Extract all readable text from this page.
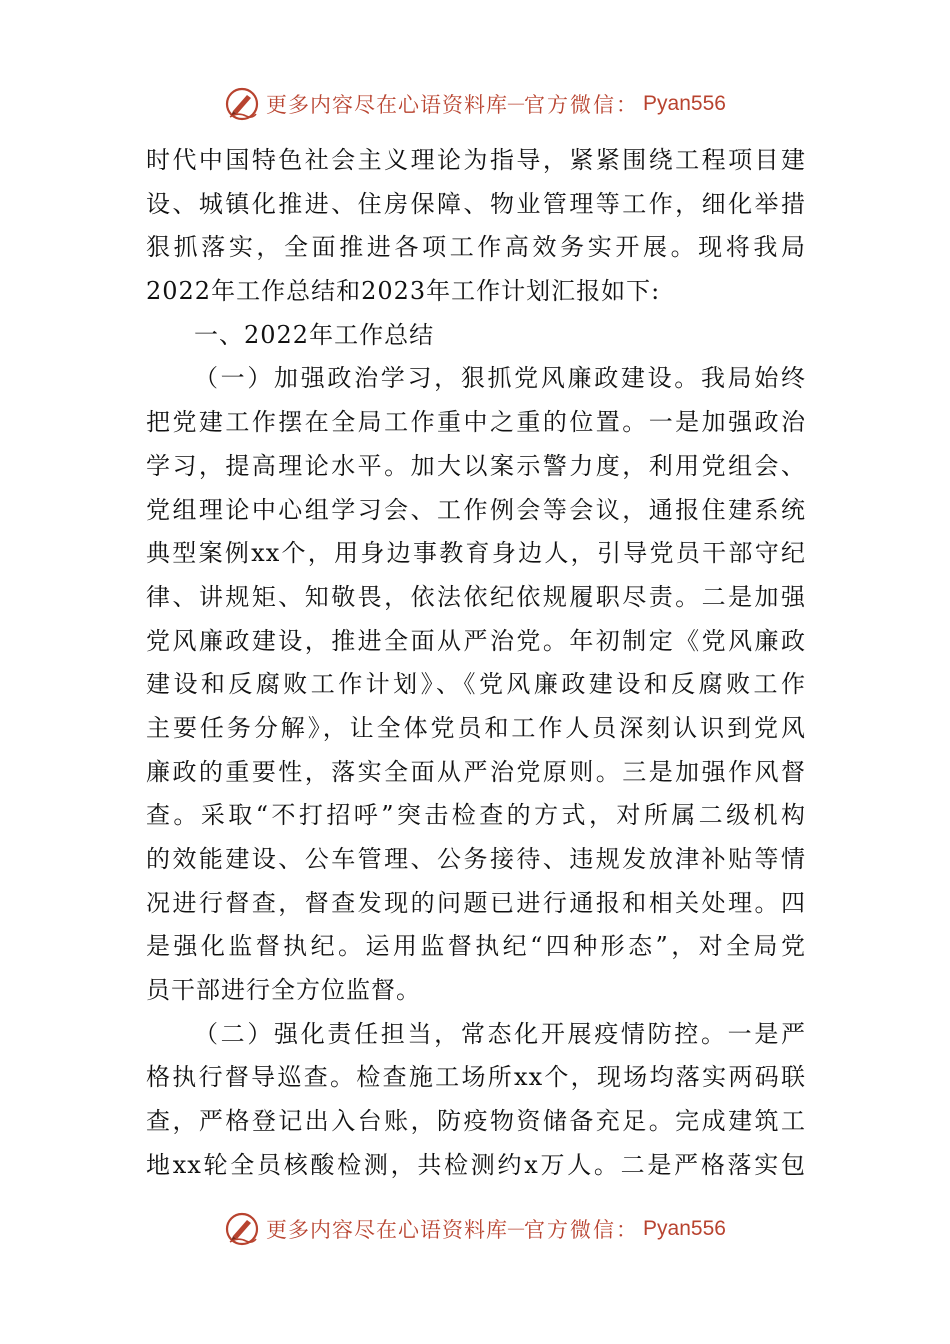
更多内容尽在心语资料库 — 官方微信： Pyan556
时代中国特色社会主义理论为指导，紧紧围绕工程项目建
设、城镇化推进、住房保障、物业管理等工作，细化举措
狠抓落实，全面推进各项工作高效务实开展。现将我局
2022年工作总结和2023年工作计划汇报如下:
一、2022年工作总结
（一）加强政治学习，狠抓党风廉政建设。我局始终
把党建工作摆在全局工作重中之重的位置。一是加强政治
学习，提高理论水平。加大以案示警力度，利用党组会、
党组理论中心组学习会、工作例会等会议，通报住建系统
典型案例xx个，用身边事教育身边人，引导党员干部守纪
律、讲规矩、知敬畏，依法依纪依规履职尽责。二是加强
党风廉政建设，推进全面从严治党。年初制定《党风廉政
建设和反腐败工作计划》、《党风廉政建设和反腐败工作
主要任务分解》，让全体党员和工作人员深刻认识到党风
廉政的重要性，落实全面从严治党原则。三是加强作风督
查。采取“不打招呼”突击检查的方式，对所属二级机构
的效能建设、公车管理、公务接待、违规发放津补贴等情
况进行督查，督查发现的问题已进行通报和相关处理。四
是强化监督执纪。运用监督执纪“四种形态”，对全局党
员干部进行全方位监督。
（二）强化责任担当，常态化开展疫情防控。一是严
格执行督导巡查。检查施工场所xx个，现场均落实两码联
查，严格登记出入台账，防疫物资储备充足。完成建筑工
地xx轮全员核酸检测，共检测约x万人。二是严格落实包
更多内容尽在心语资料库 — 官方微信： Pyan556
